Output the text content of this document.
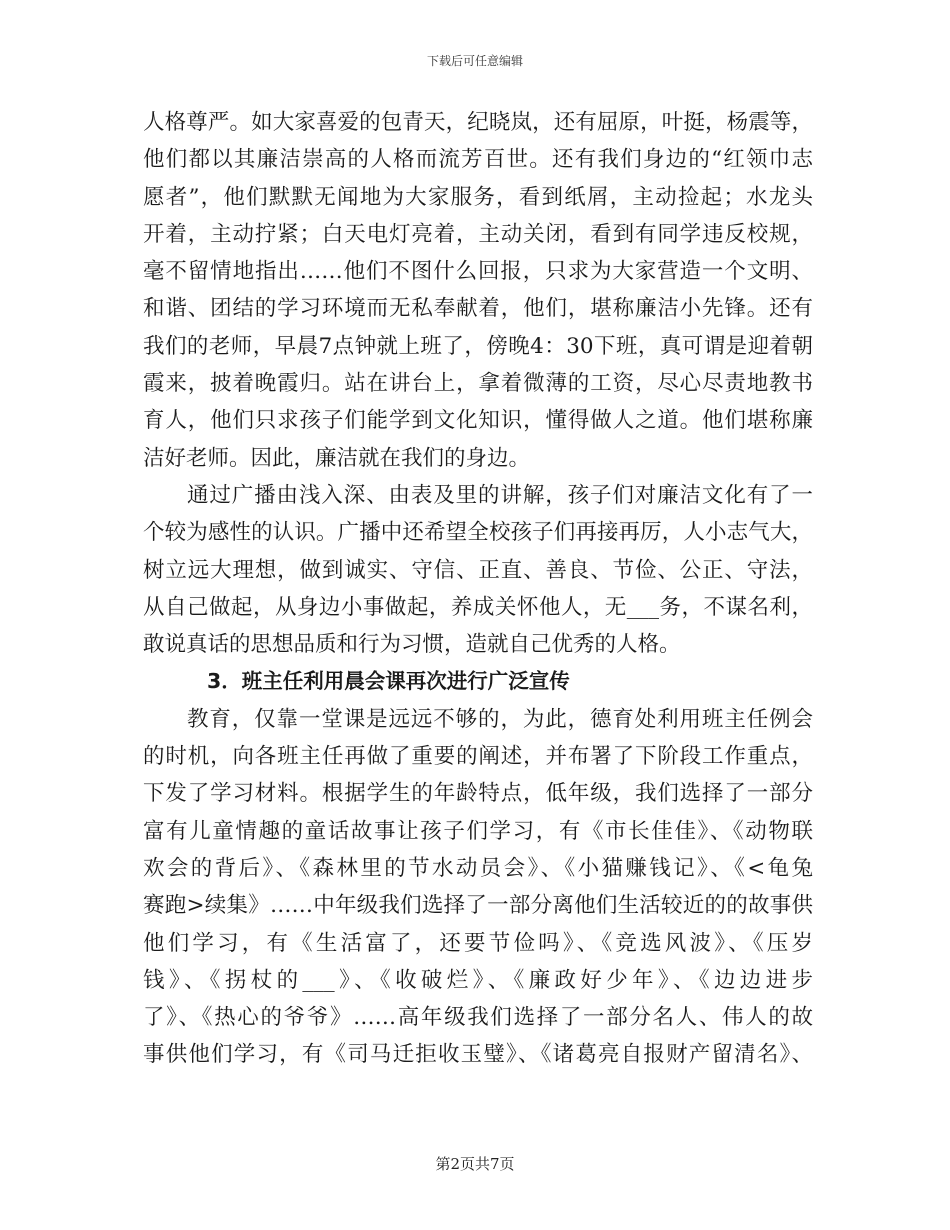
下载后可任意编辑
人格尊严。如大家喜爱的包青天，纪晓岚，还有屈原，叶挺，杨震等，
他们都以其廉洁崇高的人格而流芳百世。还有我们身边的“红领巾志
愿者”，他们默默无闻地为大家服务，看到纸屑，主动捡起；水龙头
开着，主动拧紧；白天电灯亮着，主动关闭，看到有同学违反校规，
毫不留情地指出……他们不图什么回报，只求为大家营造一个文明、
和谐、团结的学习环境而无私奉献着，他们，堪称廉洁小先锋。还有
我们的老师，早晨7点钟就上班了，傍晚4：30下班，真可谓是迎着朝
霞来，披着晚霞归。站在讲台上，拿着微薄的工资，尽心尽责地教书
育人，他们只求孩子们能学到文化知识，懂得做人之道。他们堪称廉
洁好老师。因此，廉洁就在我们的身边。
通过广播由浅入深、由表及里的讲解，孩子们对廉洁文化有了一
个较为感性的认识。广播中还希望全校孩子们再接再厉，人小志气大，
树立远大理想，做到诚实、守信、正直、善良、节俭、公正、守法，
从自己做起，从身边小事做起，养成关怀他人，无___务，不谋名利，
敢说真话的思想品质和行为习惯，造就自己优秀的人格。
3．班主任利用晨会课再次进行广泛宣传
教育，仅靠一堂课是远远不够的，为此，德育处利用班主任例会
的时机，向各班主任再做了重要的阐述，并布署了下阶段工作重点，
下发了学习材料。根据学生的年龄特点，低年级，我们选择了一部分
富有儿童情趣的童话故事让孩子们学习，有《市长佳佳》、《动物联
欢会的背后》、《森林里的节水动员会》、《小猫赚钱记》、《<龟兔
赛跑>续集》……中年级我们选择了一部分离他们生活较近的的故事供
他们学习，有《生活富了，还要节俭吗》、《竞选风波》、《压岁
钱》、《拐杖的___》、《收破烂》、《廉政好少年》、《边边进步
了》、《热心的爷爷》……高年级我们选择了一部分名人、伟人的故
事供他们学习，有《司马迁拒收玉璧》、《诸葛亮自报财产留清名》、
第2页共7页
